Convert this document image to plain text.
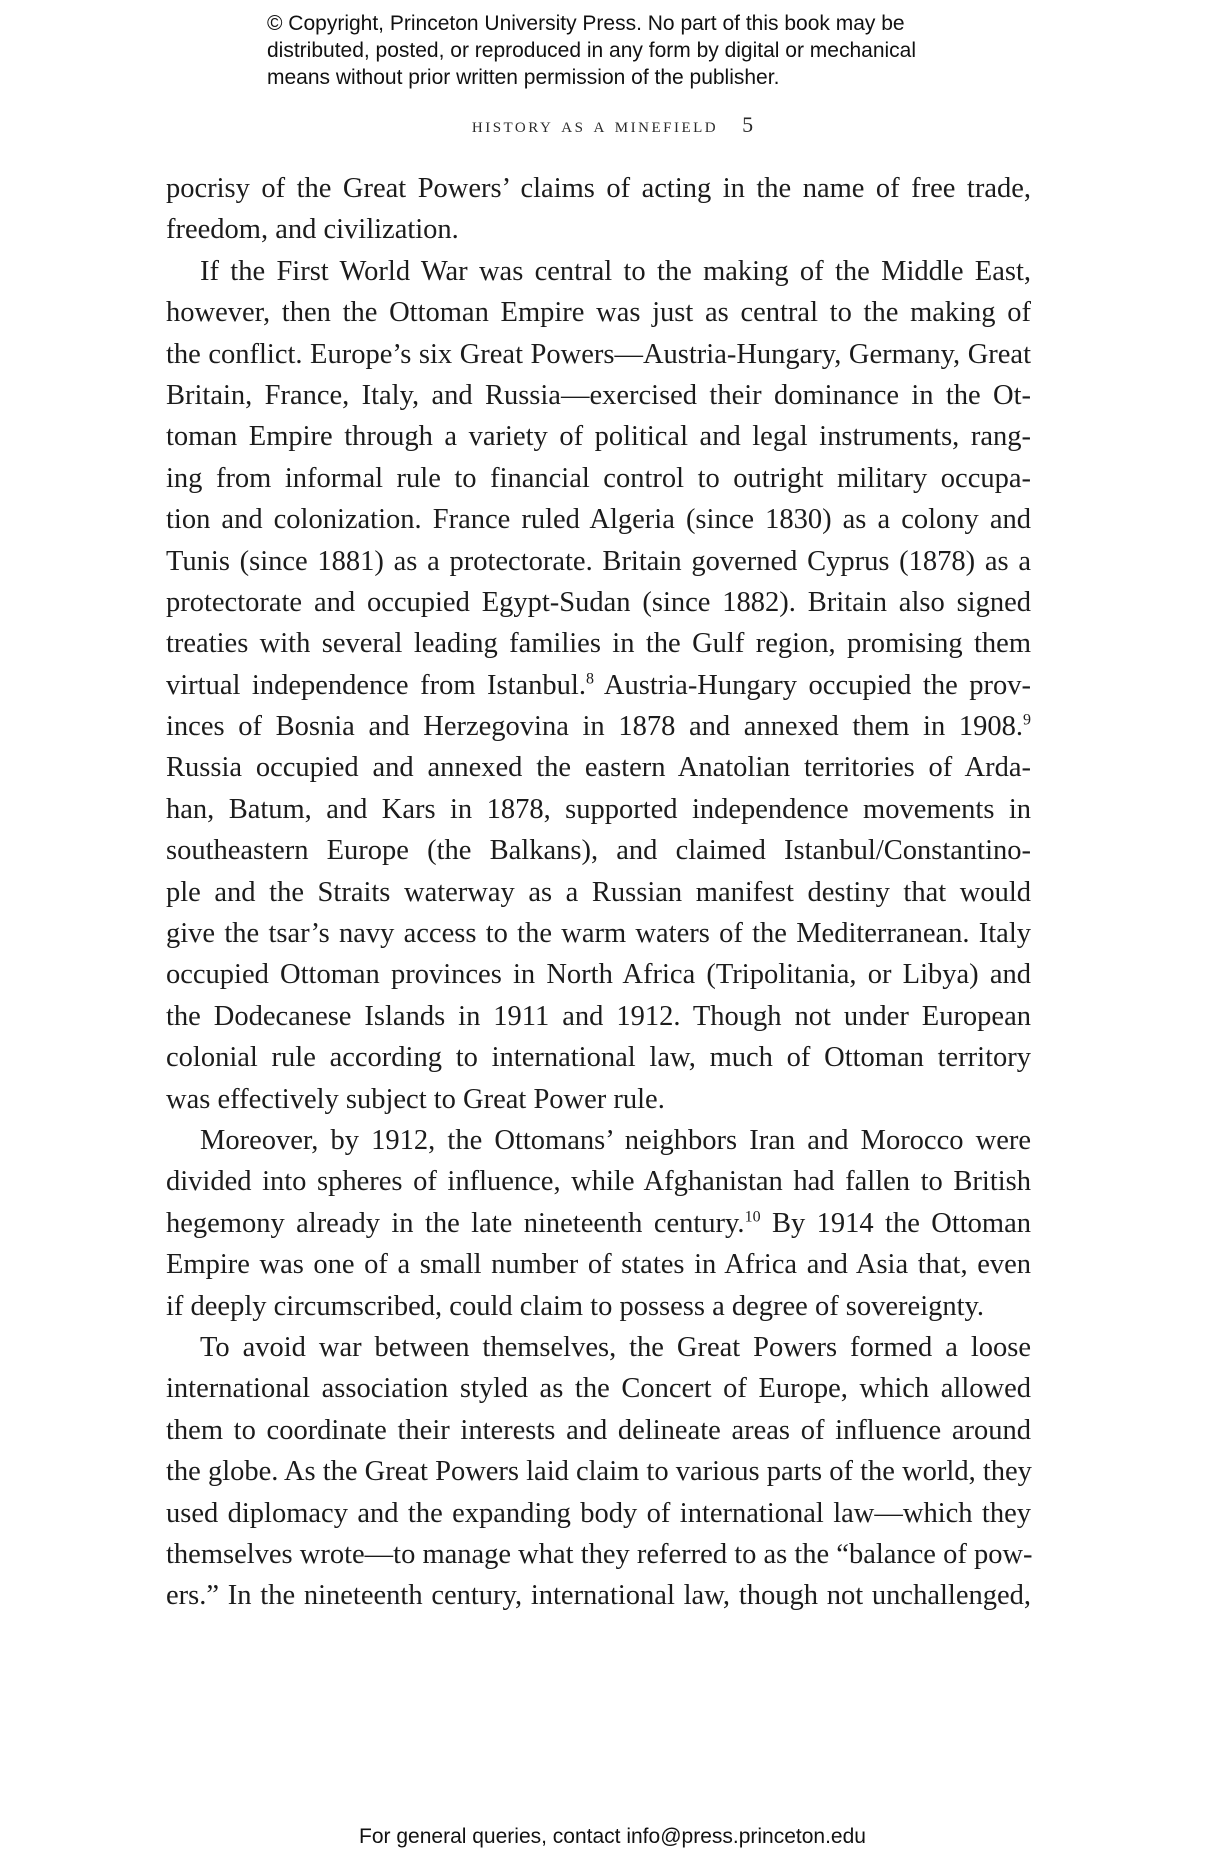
© Copyright, Princeton University Press. No part of this book may be
distributed, posted, or reproduced in any form by digital or mechanical
means without prior written permission of the publisher.
history as a minefield 5
pocrisy of the Great Powers’ claims of acting in the name of free trade,
freedom, and civilization.
If the First World War was central to the making of the Middle East,
however, then the Ottoman Empire was just as central to the making of
the conflict. Europe’s six Great Powers—Austria-Hungary, Germany, Great
Britain, France, Italy, and Russia—exercised their dominance in the Ot-
toman Empire through a variety of political and legal instruments, rang-
ing from informal rule to financial control to outright military occupa-
tion and colonization. France ruled Algeria (since 1830) as a colony and
Tunis (since 1881) as a protectorate. Britain governed Cyprus (1878) as a
protectorate and occupied Egypt-Sudan (since 1882). Britain also signed
treaties with several leading families in the Gulf region, promising them
virtual independence from Istanbul.$^8$ Austria-Hungary occupied the prov-
inces of Bosnia and Herzegovina in 1878 and annexed them in 1908.$^9$
Russia occupied and annexed the eastern Anatolian territories of Arda-
han, Batum, and Kars in 1878, supported independence movements in
southeastern Europe (the Balkans), and claimed Istanbul/Constantino-
ple and the Straits waterway as a Russian manifest destiny that would
give the tsar’s navy access to the warm waters of the Mediterranean. Italy
occupied Ottoman provinces in North Africa (Tripolitania, or Libya) and
the Dodecanese Islands in 1911 and 1912. Though not under European
colonial rule according to international law, much of Ottoman territory
was effectively subject to Great Power rule.
Moreover, by 1912, the Ottomans’ neighbors Iran and Morocco were
divided into spheres of influence, while Afghanistan had fallen to British
hegemony already in the late nineteenth century.$^{10}$ By 1914 the Ottoman
Empire was one of a small number of states in Africa and Asia that, even
if deeply circumscribed, could claim to possess a degree of sovereignty.
To avoid war between themselves, the Great Powers formed a loose
international association styled as the Concert of Europe, which allowed
them to coordinate their interests and delineate areas of influence around
the globe. As the Great Powers laid claim to various parts of the world, they
used diplomacy and the expanding body of international law—which they
themselves wrote—to manage what they referred to as the “balance of pow-
ers.” In the nineteenth century, international law, though not unchallenged,
For general queries, contact info@press.princeton.edu
